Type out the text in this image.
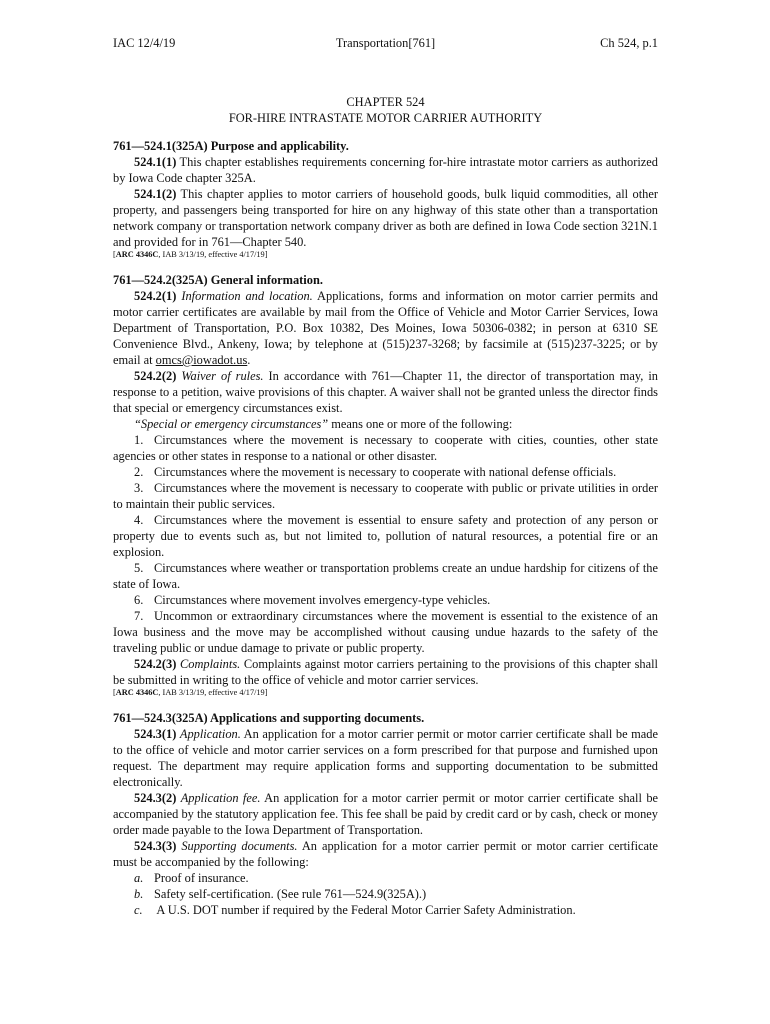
IAC 12/4/19	Transportation[761]	Ch 524, p.1
CHAPTER 524
FOR-HIRE INTRASTATE MOTOR CARRIER AUTHORITY

761—524.1(325A) Purpose and applicability.

524.1(1) This chapter establishes requirements concerning for-hire intrastate motor carriers as authorized by Iowa Code chapter 325A.

524.1(2) This chapter applies to motor carriers of household goods, bulk liquid commodities, all other property, and passengers being transported for hire on any highway of this state other than a transportation network company or transportation network company driver as both are defined in Iowa Code section 321N.1 and provided for in 761—Chapter 540.

[ARC 4346C, IAB 3/13/19, effective 4/17/19]

761—524.2(325A) General information.

524.2(1) Information and location. Applications, forms and information on motor carrier permits and motor carrier certificates are available by mail from the Office of Vehicle and Motor Carrier Services, Iowa Department of Transportation, P.O. Box 10382, Des Moines, Iowa 50306-0382; in person at 6310 SE Convenience Blvd., Ankeny, Iowa; by telephone at (515)237-3268; by facsimile at (515)237-3225; or by email at omcs@iowadot.us.

524.2(2) Waiver of rules. In accordance with 761—Chapter 11, the director of transportation may, in response to a petition, waive provisions of this chapter. A waiver shall not be granted unless the director finds that special or emergency circumstances exist.

“Special or emergency circumstances” means one or more of the following:

1. Circumstances where the movement is necessary to cooperate with cities, counties, other state agencies or other states in response to a national or other disaster.

2. Circumstances where the movement is necessary to cooperate with national defense officials.

3. Circumstances where the movement is necessary to cooperate with public or private utilities in order to maintain their public services.

4. Circumstances where the movement is essential to ensure safety and protection of any person or property due to events such as, but not limited to, pollution of natural resources, a potential fire or an explosion.

5. Circumstances where weather or transportation problems create an undue hardship for citizens of the state of Iowa.

6. Circumstances where movement involves emergency-type vehicles.

7. Uncommon or extraordinary circumstances where the movement is essential to the existence of an Iowa business and the move may be accomplished without causing undue hazards to the safety of the traveling public or undue damage to private or public property.

524.2(3) Complaints. Complaints against motor carriers pertaining to the provisions of this chapter shall be submitted in writing to the office of vehicle and motor carrier services.

[ARC 4346C, IAB 3/13/19, effective 4/17/19]

761—524.3(325A) Applications and supporting documents.

524.3(1) Application. An application for a motor carrier permit or motor carrier certificate shall be made to the office of vehicle and motor carrier services on a form prescribed for that purpose and furnished upon request. The department may require application forms and supporting documentation to be submitted electronically.

524.3(2) Application fee. An application for a motor carrier permit or motor carrier certificate shall be accompanied by the statutory application fee. This fee shall be paid by credit card or by cash, check or money order made payable to the Iowa Department of Transportation.

524.3(3) Supporting documents. An application for a motor carrier permit or motor carrier certificate must be accompanied by the following:

a. Proof of insurance.

b. Safety self-certification. (See rule 761—524.9(325A).)

c. A U.S. DOT number if required by the Federal Motor Carrier Safety Administration.
